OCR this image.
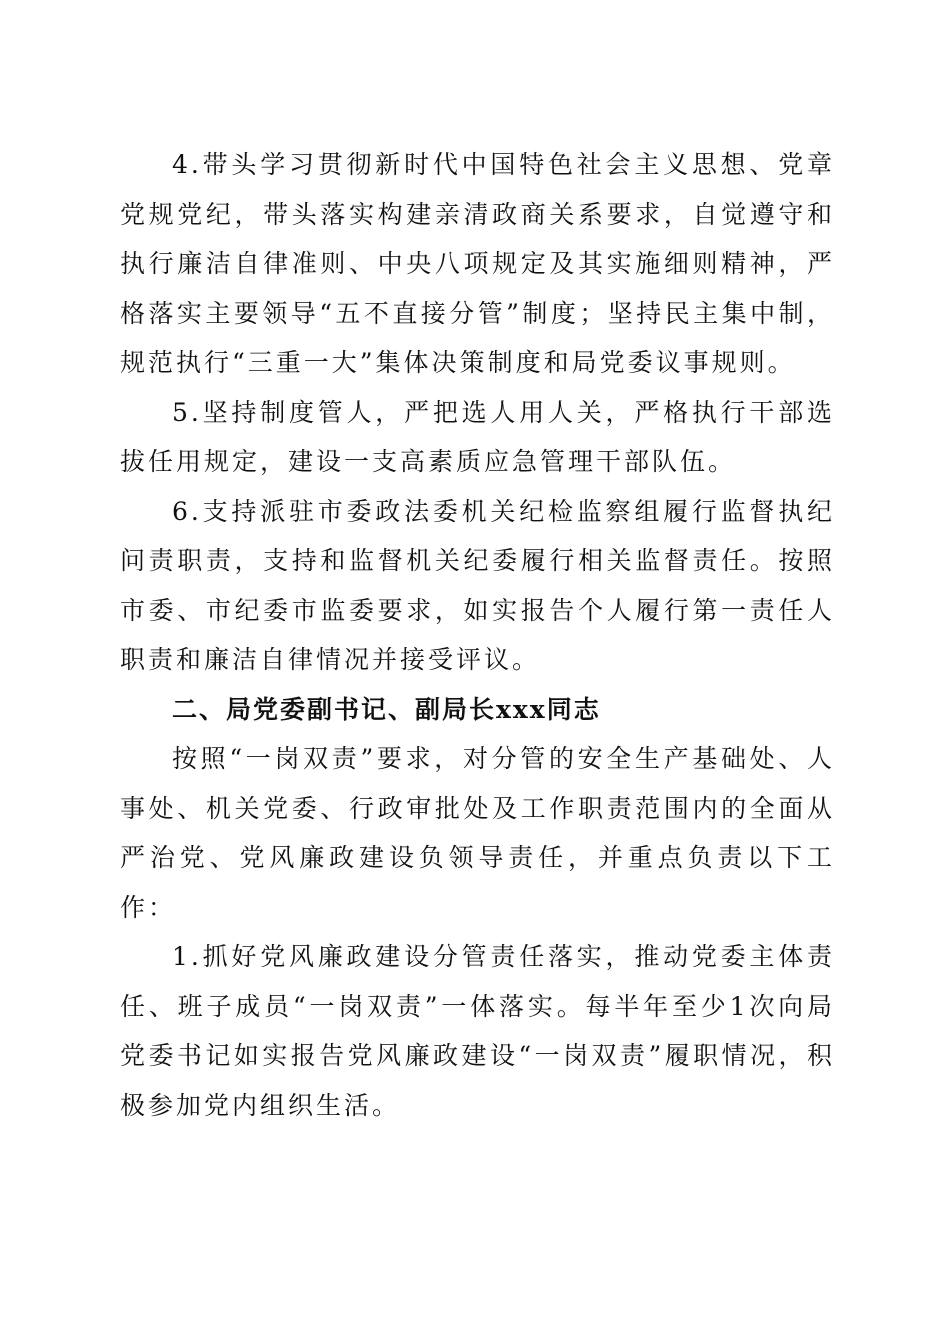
4.带头学习贯彻新时代中国特色社会主义思想、党章党规党纪，带头落实构建亲清政商关系要求，自觉遵守和执行廉洁自律准则、中央八项规定及其实施细则精神，严格落实主要领导“五不直接分管”制度；坚持民主集中制，规范执行“三重一大”集体决策制度和局党委议事规则。

5.坚持制度管人，严把选人用人关，严格执行干部选拔任用规定，建设一支高素质应急管理干部队伍。

6.支持派驻市委政法委机关纪检监察组履行监督执纪问责职责，支持和监督机关纪委履行相关监督责任。按照市委、市纪委市监委要求，如实报告个人履行第一责任人职责和廉洁自律情况并接受评议。

二、局党委副书记、副局长xxx同志

按照“一岗双责”要求，对分管的安全生产基础处、人事处、机关党委、行政审批处及工作职责范围内的全面从严治党、党风廉政建设负领导责任，并重点负责以下工作：

1.抓好党风廉政建设分管责任落实，推动党委主体责任、班子成员“一岗双责”一体落实。每半年至少1次向局党委书记如实报告党风廉政建设“一岗双责”履职情况，积极参加党内组织生活。
